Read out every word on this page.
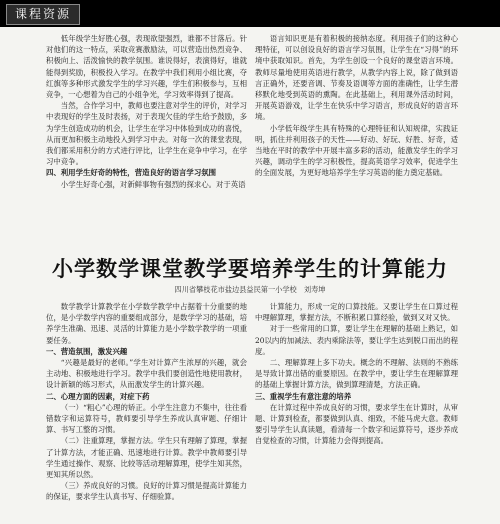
课程资源

低年级学生好胜心强，表现欲望强烈，谁都不甘落后。针对他们的这一特点，采取竞赛激励法，可以营造出热烈竞争、积极向上、活泼愉快的教学氛围。谁说得好，表演得好，谁就能得到奖励，积极投入学习。在教学中我们利用小组比赛，夺红旗等多种形式激发学生的学习兴趣，学生们积极参与，互相竞争，一心想着为自己的小组争光，学习效率得到了提高。

当然，合作学习中，教师也要注意对学生的评价，对学习中表现好的学生及时表扬，对于表现欠佳的学生给予鼓励，多为学生创造成功的机会，让学生在学习中体验到成功的喜悦，从而更加积极主动地投入到学习中去。对每一次的课堂表现，我们都采用积分的方式进行评比，让学生在竞争中学习，在学习中竞争。

四、利用学生好奇的特性，营造良好的语言学习氛围

小学生好奇心强，对新鲜事物有强烈的探求心。对于英语

语言知识更是有着积极的接纳态度。利用孩子们的这种心理特征，可以创设良好的语言学习氛围，让学生在“习得”的环境中获取知识。首先，为学生创设一个良好的课堂语言环境。教师尽量地使用英语进行教学，从教学内容上说，除了做到语言正确外，还要音调、节奏及语调等方面的准确性，让学生潜移默化地受到英语的熏陶。在此基础上，利用课外活动时间，开展英语游戏，让学生在快乐中学习语言，形成良好的语言环境。

小学低年级学生具有特殊的心理特征和认知规律，实践证明，抓住并利用孩子的天性——好动、好玩、好胜、好奇，适当地在平时的教学中开展丰富多彩的活动，能激发学生的学习兴趣，调动学生的学习积极性，提高英语学习效率，促进学生的全面发展，为更好地培养学生学习英语的能力奠定基础。

小学数学课堂教学要培养学生的计算能力
四川省攀枝花市盐边县益民第一小学校　刘寿坤

数学教学计算教学在小学数学教学中占据着十分重要的地位，是小学数学内容的重要组成部分，是数学学习的基础，培养学生准确、迅速、灵活的计算能力是小学数学教学的一项重要任务。

一、营造氛围，激发兴趣

“兴趣是最好的老师。”学生对计算产生浓厚的兴趣，就会主动地、积极地进行学习。教学中我们要创造性地使用教材，设计新颖的练习形式，从而激发学生的计算兴趣。

二、心理方面的因素，对症下药

（一）“粗心”心理的矫正。小学生注意力不集中，往往看错数字和运算符号，教师要引导学生养成认真审题、仔细计算、书写工整的习惯。

（二）注重算理，掌握方法。学生只有理解了算理，掌握了计算方法，才能正确、迅速地进行计算。教学中教师要引导学生通过操作、观察、比较等活动理解算理，使学生知其然，更知其所以然。

（三）养成良好的习惯。良好的计算习惯是提高计算能力的保证，要求学生认真书写、仔细验算。

计算能力，形成一定的口算技能。又要让学生在口算过程中理解算理，掌握方法，不断积累口算经验，做到又对又快。

对于一些常用的口算，要让学生在理解的基础上熟记，如20以内的加减法、表内乘除法等，要让学生达到脱口而出的程度。

二、理解算理上多下功夫。概念的不理解、法则的不熟练是导致计算出错的重要原因。在教学中，要让学生在理解算理的基础上掌握计算方法，做到算理清楚，方法正确。

三、重视学生有意注意的培养

在计算过程中养成良好的习惯，要求学生在计算时，从审题、计算到检查，都要做到认真、细致，不能马虎大意。教师要引导学生认真读题，看清每一个数字和运算符号，逐步养成自觉检查的习惯，计算能力会得到提高。
